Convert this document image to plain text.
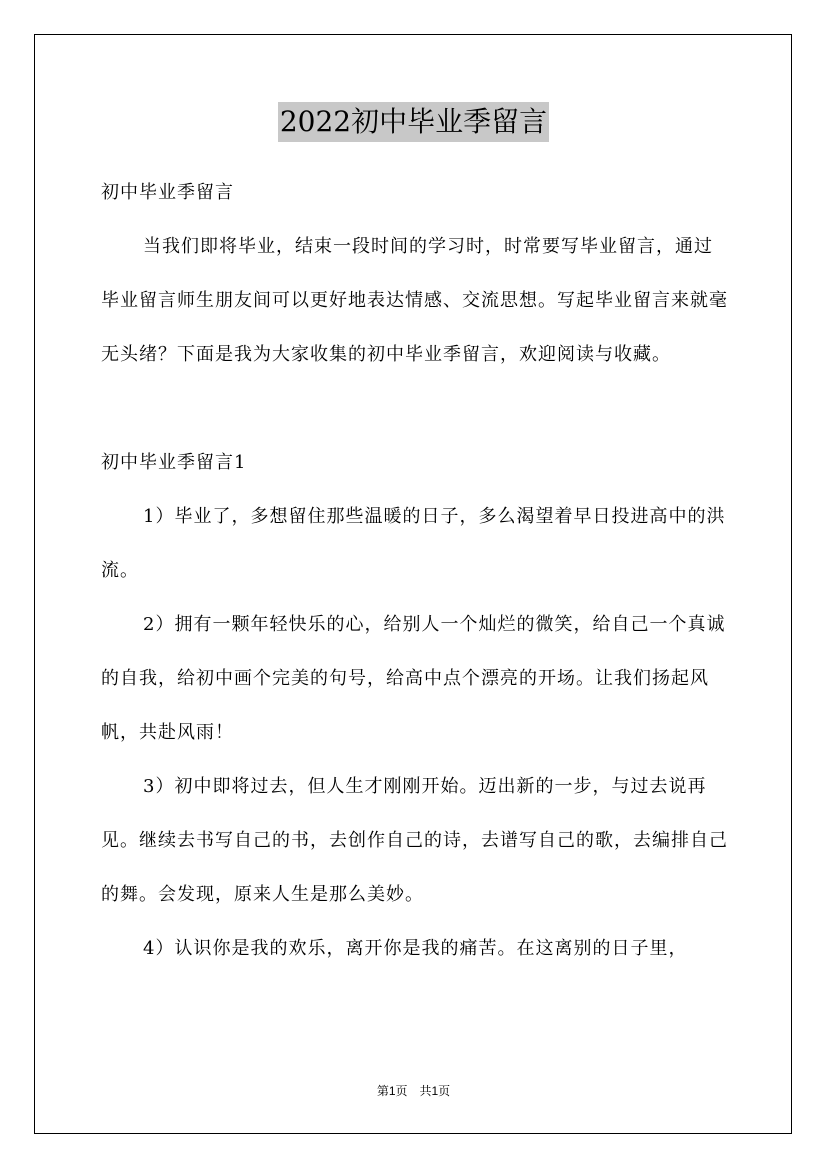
2022初中毕业季留言

初中毕业季留言

当我们即将毕业，结束一段时间的学习时，时常要写毕业留言，通过毕业留言师生朋友间可以更好地表达情感、交流思想。写起毕业留言来就毫无头绪？下面是我为大家收集的初中毕业季留言，欢迎阅读与收藏。

初中毕业季留言1

1）毕业了，多想留住那些温暖的日子，多么渴望着早日投进高中的洪流。

2）拥有一颗年轻快乐的心，给别人一个灿烂的微笑，给自己一个真诚的自我，给初中画个完美的句号，给高中点个漂亮的开场。让我们扬起风帆，共赴风雨！

3）初中即将过去，但人生才刚刚开始。迈出新的一步，与过去说再见。继续去书写自己的书，去创作自己的诗，去谱写自己的歌，去编排自己的舞。会发现，原来人生是那么美妙。

4）认识你是我的欢乐，离开你是我的痛苦。在这离别的日子里，

第1页　共1页
